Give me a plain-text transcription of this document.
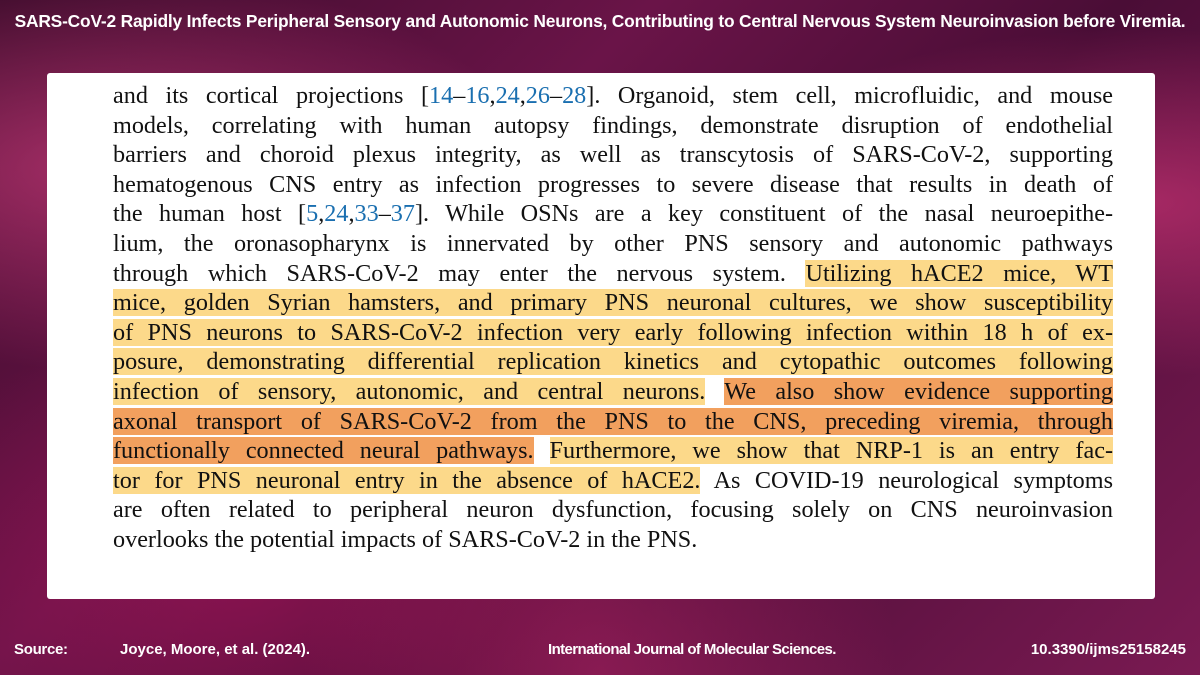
SARS-CoV-2 Rapidly Infects Peripheral Sensory and Autonomic Neurons, Contributing to Central Nervous System Neuroinvasion before Viremia.
and its cortical projections [14–16,24,26–28]. Organoid, stem cell, microfluidic, and mouse
models, correlating with human autopsy findings, demonstrate disruption of endothelial
barriers and choroid plexus integrity, as well as transcytosis of SARS-CoV-2, supporting
hematogenous CNS entry as infection progresses to severe disease that results in death of
the human host [5,24,33–37]. While OSNs are a key constituent of the nasal neuroepithe-
lium, the oronasopharynx is innervated by other PNS sensory and autonomic pathways
through which SARS-CoV-2 may enter the nervous system. Utilizing hACE2 mice, WT
mice, golden Syrian hamsters, and primary PNS neuronal cultures, we show susceptibility
of PNS neurons to SARS-CoV-2 infection very early following infection within 18 h of ex-
posure, demonstrating differential replication kinetics and cytopathic outcomes following
infection of sensory, autonomic, and central neurons. We also show evidence supporting
axonal transport of SARS-CoV-2 from the PNS to the CNS, preceding viremia, through
functionally connected neural pathways. Furthermore, we show that NRP-1 is an entry fac-
tor for PNS neuronal entry in the absence of hACE2. As COVID-19 neurological symptoms
are often related to peripheral neuron dysfunction, focusing solely on CNS neuroinvasion
overlooks the potential impacts of SARS-CoV-2 in the PNS.
Source:	Joyce, Moore, et al. (2024).	International Journal of Molecular Sciences.	10.3390/ijms25158245
